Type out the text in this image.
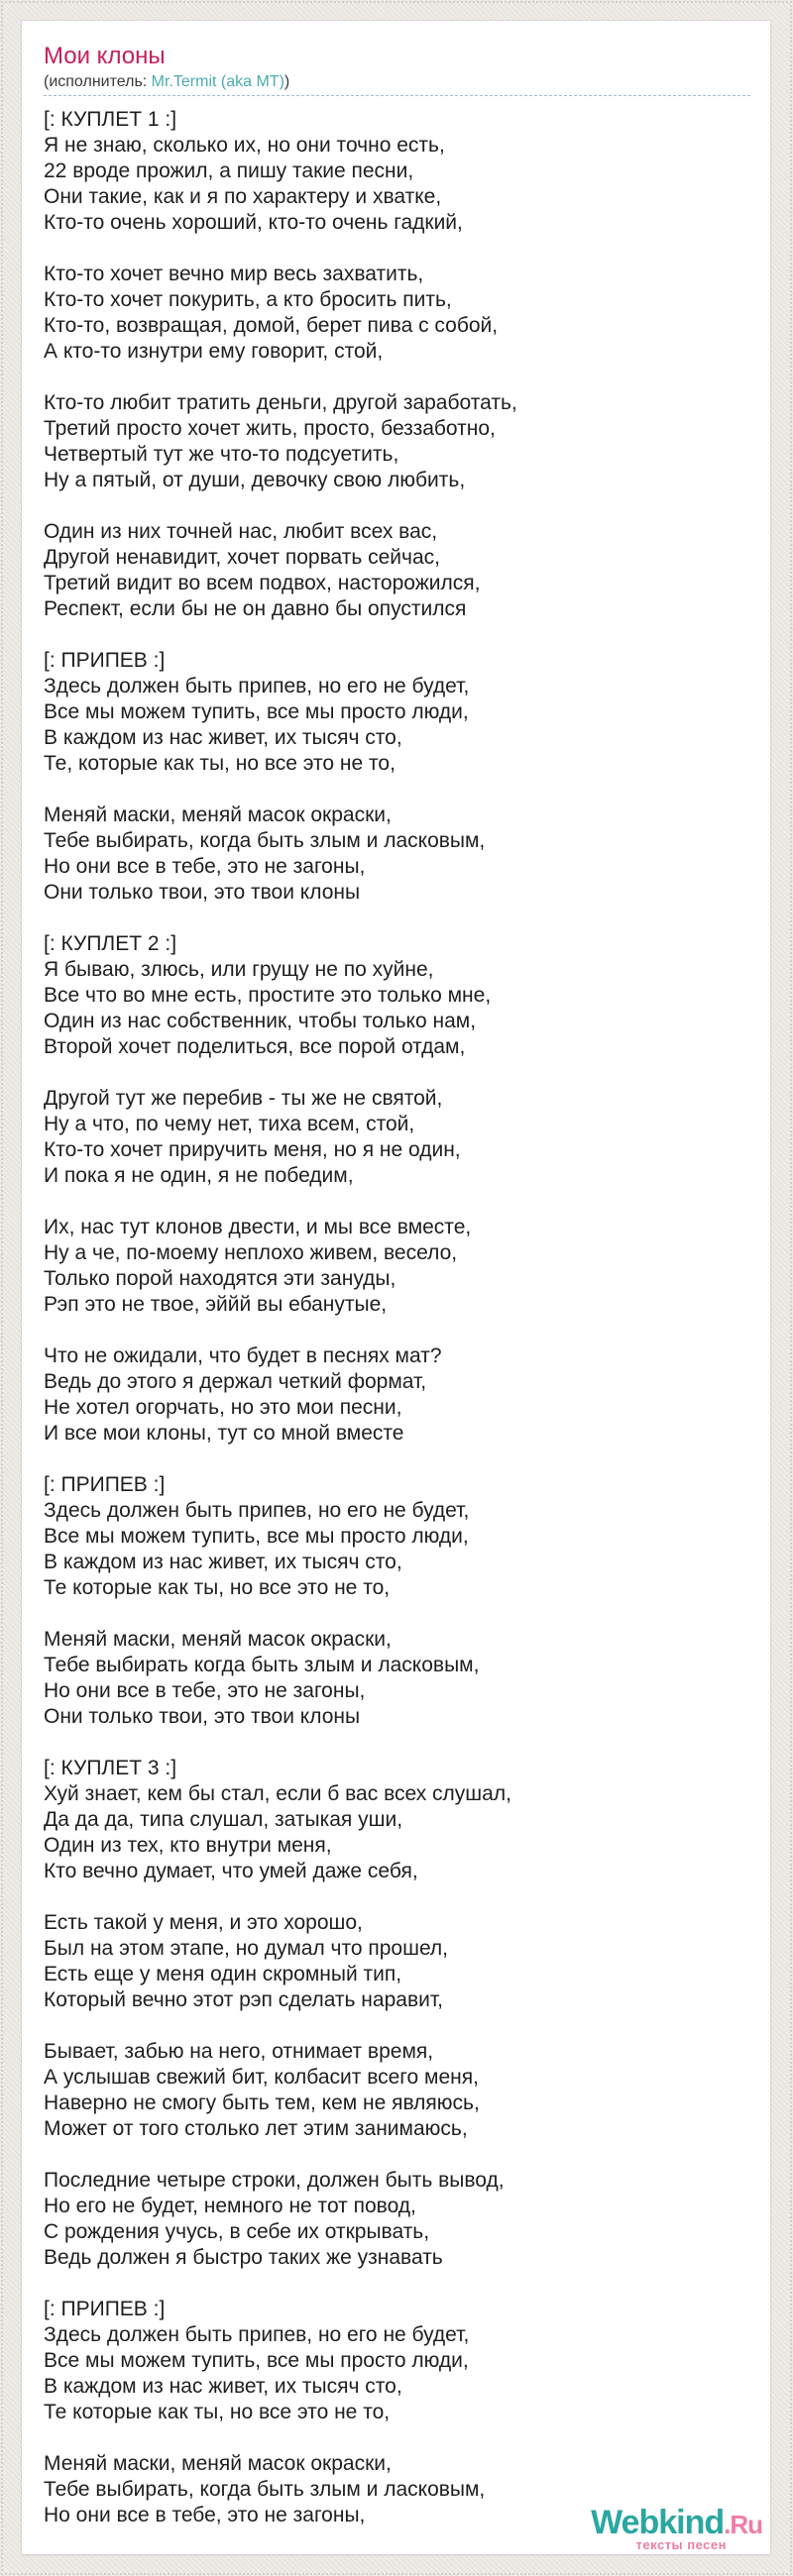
Мои клоны
(исполнитель: Mr.Termit (aka MT))
[: КУПЛЕТ 1 :]
Я не знаю, сколько их, но они точно есть,
22 вроде прожил, а пишу такие песни,
Они такие, как и я по характеру и хватке,
Кто-то очень хороший, кто-то очень гадкий,
Кто-то хочет вечно мир весь захватить,
Кто-то хочет покурить, а кто бросить пить,
Кто-то, возвращая, домой, берет пива с собой,
А кто-то изнутри ему говорит, стой,
Кто-то любит тратить деньги, другой заработать,
Третий просто хочет жить, просто, беззаботно,
Четвертый тут же что-то подсуетить,
Ну а пятый, от души, девочку свою любить,
Один из них точней нас, любит всех вас,
Другой ненавидит, хочет порвать сейчас,
Третий видит во всем подвох, насторожился,
Респект, если бы не он давно бы опустился
[: ПРИПЕВ :]
Здесь должен быть припев, но его не будет,
Все мы можем тупить, все мы просто люди,
В каждом из нас живет, их тысяч сто,
Те, которые как ты, но все это не то,
Меняй маски, меняй масок окраски,
Тебе выбирать, когда быть злым и ласковым,
Но они все в тебе, это не загоны,
Они только твои, это твои клоны
[: КУПЛЕТ 2 :]
Я бываю, злюсь, или грущу не по хуйне,
Все что во мне есть, простите это только мне,
Один из нас собственник, чтобы только нам,
Второй хочет поделиться, все порой отдам,
Другой тут же перебив - ты же не святой,
Ну а что, по чему нет, тиха всем, стой,
Кто-то хочет приручить меня, но я не один,
И пока я не один, я не победим,
Их, нас тут клонов двести, и мы все вместе,
Ну а че, по-моему неплохо живем, весело,
Только порой находятся эти зануды,
Рэп это не твое, эййй вы ебанутые,
Что не ожидали, что будет в песнях мат?
Ведь до этого я держал четкий формат,
Не хотел огорчать, но это мои песни,
И все мои клоны, тут со мной вместе
[: ПРИПЕВ :]
Здесь должен быть припев, но его не будет,
Все мы можем тупить, все мы просто люди,
В каждом из нас живет, их тысяч сто,
Те которые как ты, но все это не то,
Меняй маски, меняй масок окраски,
Тебе выбирать когда быть злым и ласковым,
Но они все в тебе, это не загоны,
Они только твои, это твои клоны
[: КУПЛЕТ 3 :]
Хуй знает, кем бы стал, если б вас всех слушал,
Да да да, типа слушал, затыкая уши,
Один из тех, кто внутри меня,
Кто вечно думает, что умей даже себя,
Есть такой у меня, и это хорошо,
Был на этом этапе, но думал что прошел,
Есть еще у меня один скромный тип,
Который вечно этот рэп сделать наравит,
Бывает, забью на него, отнимает время,
А услышав свежий бит, колбасит всего меня,
Наверно не смогу быть тем, кем не являюсь,
Может от того столько лет этим занимаюсь,
Последние четыре строки, должен быть вывод,
Но его не будет, немного не тот повод,
С рождения учусь, в себе их открывать,
Ведь должен я быстро таких же узнавать
[: ПРИПЕВ :]
Здесь должен быть припев, но его не будет,
Все мы можем тупить, все мы просто люди,
В каждом из нас живет, их тысяч сто,
Те которые как ты, но все это не то,
Меняй маски, меняй масок окраски,
Тебе выбирать, когда быть злым и ласковым,
Но они все в тебе, это не загоны,	Webkind.Ru
тексты песен
